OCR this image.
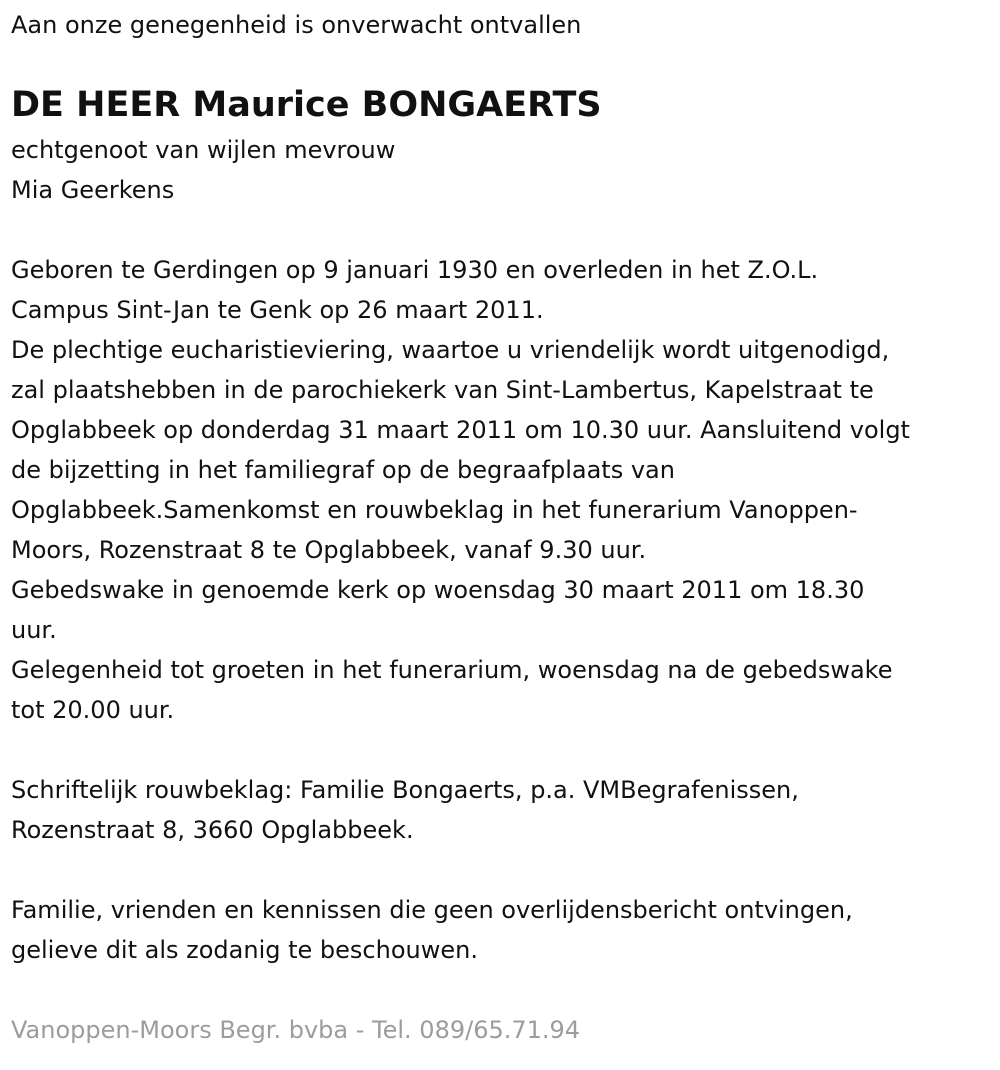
Aan onze genegenheid is onverwacht ontvallen
DE HEER Maurice BONGAERTS
echtgenoot van wijlen mevrouw
Mia Geerkens
Geboren te Gerdingen op 9 januari 1930 en overleden in het Z.O.L.
Campus Sint-Jan te Genk op 26 maart 2011.
De plechtige eucharistieviering, waartoe u vriendelijk wordt uitgenodigd,
zal plaatshebben in de parochiekerk van Sint-Lambertus, Kapelstraat te
Opglabbeek op donderdag 31 maart 2011 om 10.30 uur. Aansluitend volgt
de bijzetting in het familiegraf op de begraafplaats van
Opglabbeek.Samenkomst en rouwbeklag in het funerarium Vanoppen-
Moors, Rozenstraat 8 te Opglabbeek, vanaf 9.30 uur.
Gebedswake in genoemde kerk op woensdag 30 maart 2011 om 18.30
uur.
Gelegenheid tot groeten in het funerarium, woensdag na de gebedswake
tot 20.00 uur.
Schriftelijk rouwbeklag: Familie Bongaerts, p.a. VMBegrafenissen,
Rozenstraat 8, 3660 Opglabbeek.
Familie, vrienden en kennissen die geen overlijdensbericht ontvingen,
gelieve dit als zodanig te beschouwen.
Vanoppen-Moors Begr. bvba - Tel. 089/65.71.94
